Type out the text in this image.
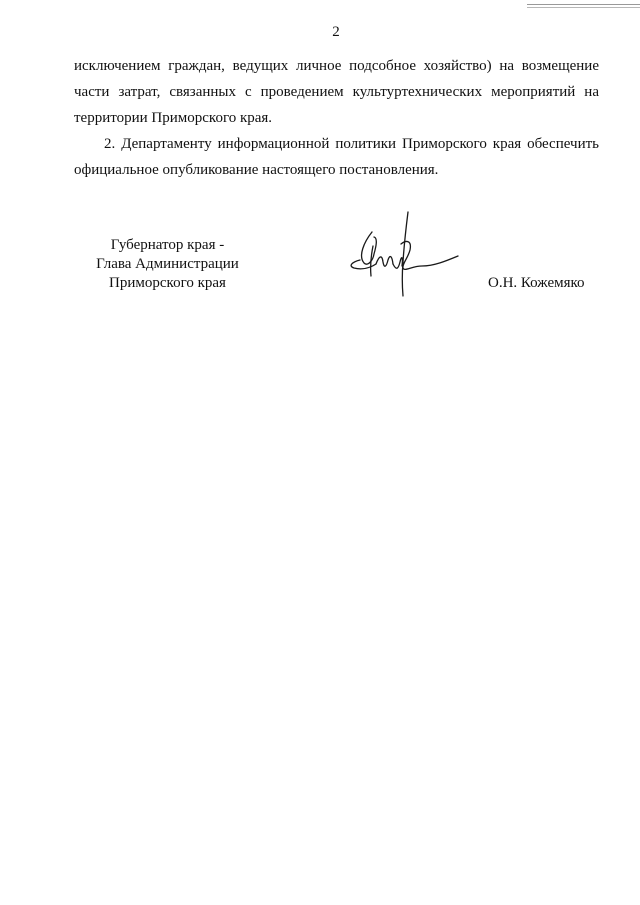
2
исключением граждан, ведущих личное подсобное хозяйство) на возмещение
части затрат, связанных с проведением культуртехнических мероприятий на
территории Приморского края.
2. Департаменту информационной политики Приморского края обеспечить
официальное опубликование настоящего постановления.
Губернатор края -
Глава Администрации
Приморского края	О.Н. Кожемяко
